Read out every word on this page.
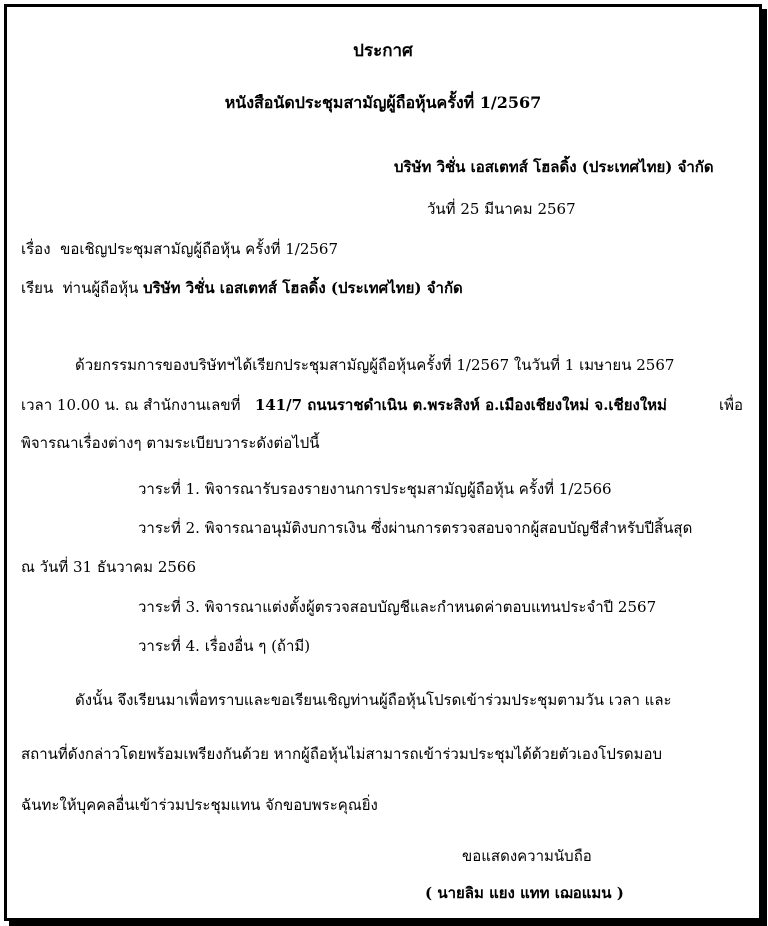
ประกาศ
หนังสือนัดประชุมสามัญผู้ถือหุ้นครั้งที่ 1/2567
บริษัท วิชั่น เอสเตทส์ โฮลดิ้ง (ประเทศไทย) จำกัด
วันที่ 25 มีนาคม 2567
เรื่อง ขอเชิญประชุมสามัญผู้ถือหุ้น ครั้งที่ 1/2567
เรียน ท่านผู้ถือหุ้น บริษัท วิชั่น เอสเตทส์ โฮลดิ้ง (ประเทศไทย) จำกัด
ด้วยกรรมการของบริษัทฯได้เรียกประชุมสามัญผู้ถือหุ้นครั้งที่ 1/2567 ในวันที่ 1 เมษายน 2567
เวลา 10.00 น. ณ สำนักงานเลขที่ 141/7 ถนนราชดำเนิน ต.พระสิงห์ อ.เมืองเชียงใหม่ จ.เชียงใหม่	เพื่อ
พิจารณาเรื่องต่างๆ ตามระเบียบวาระดังต่อไปนี้
วาระที่ 1. พิจารณารับรองรายงานการประชุมสามัญผู้ถือหุ้น ครั้งที่ 1/2566
วาระที่ 2. พิจารณาอนุมัติงบการเงิน ซึ่งผ่านการตรวจสอบจากผู้สอบบัญชีสำหรับปีสิ้นสุด
ณ วันที่ 31 ธันวาคม 2566
วาระที่ 3. พิจารณาแต่งตั้งผู้ตรวจสอบบัญชีและกำหนดค่าตอบแทนประจำปี 2567
วาระที่ 4. เรื่องอื่น ๆ (ถ้ามี)
ดังนั้น จึงเรียนมาเพื่อทราบและขอเรียนเชิญท่านผู้ถือหุ้นโปรดเข้าร่วมประชุมตามวัน เวลา และ
สถานที่ดังกล่าวโดยพร้อมเพรียงกันด้วย หากผู้ถือหุ้นไม่สามารถเข้าร่วมประชุมได้ด้วยตัวเองโปรดมอบ
ฉันทะให้บุคคลอื่นเข้าร่วมประชุมแทน จักขอบพระคุณยิ่ง
ขอแสดงความนับถือ
( นายลิม แยง แทท เฌอแมน )
